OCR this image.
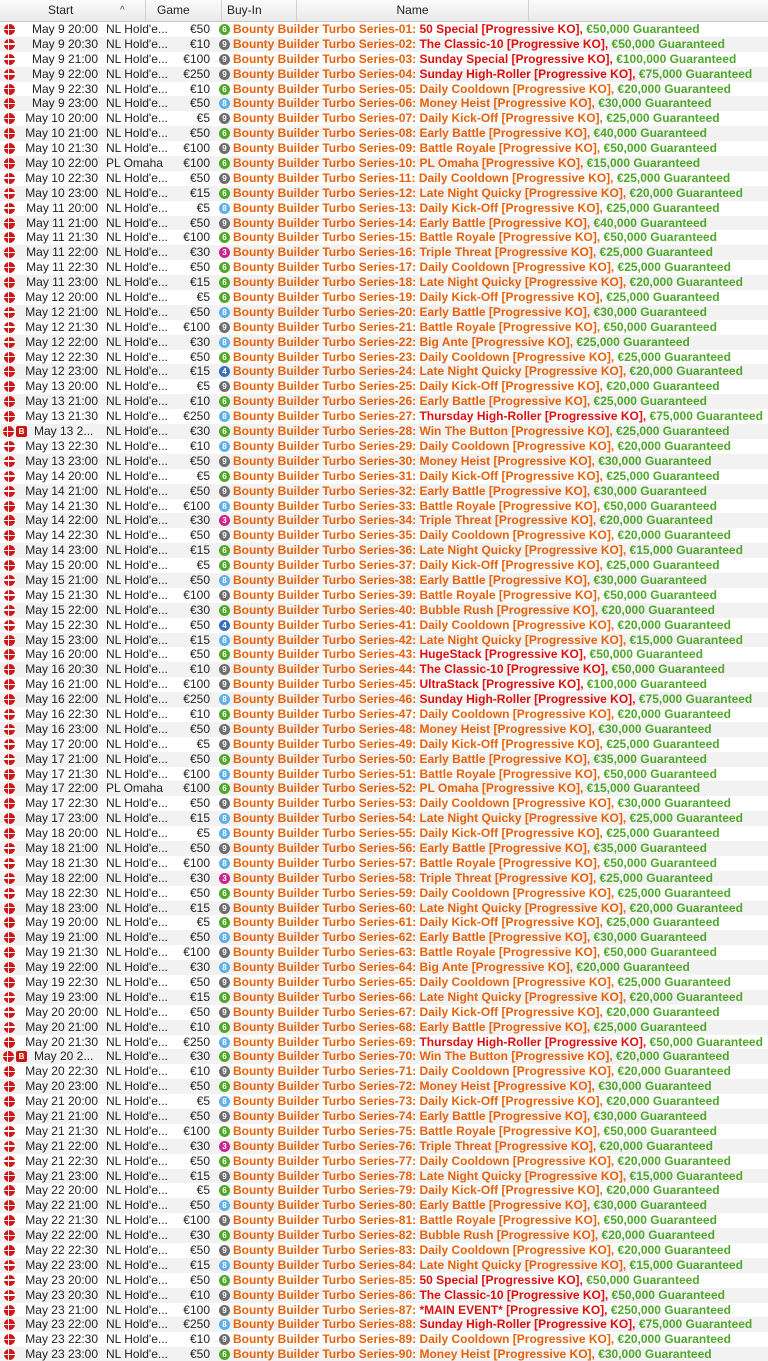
Start	^	Game	Buy-In	Name
May 9 20:00 NL Hold'e...	€50	6 Bounty Builder Turbo Series-01: 50 Special [Progressive KO], €50,000 Guaranteed
May 9 20:30 NL Hold'e...	€10	9 Bounty Builder Turbo Series-02: The Classic-10 [Progressive KO], €50,000 Guaranteed
May 9 21:00 NL Hold'e...	€100	9 Bounty Builder Turbo Series-03: Sunday Special [Progressive KO], €100,000 Guaranteed
May 9 22:00 NL Hold'e...	€250	9 Bounty Builder Turbo Series-04: Sunday High-Roller [Progressive KO], €75,000 Guaranteed
May 9 22:30 NL Hold'e...	€10	6 Bounty Builder Turbo Series-05: Daily Cooldown [Progressive KO], €20,000 Guaranteed
May 9 23:00 NL Hold'e...	€50	8 Bounty Builder Turbo Series-06: Money Heist [Progressive KO], €30,000 Guaranteed
May 10 20:00 NL Hold'e...	€5	9 Bounty Builder Turbo Series-07: Daily Kick-Off [Progressive KO], €25,000 Guaranteed
May 10 21:00 NL Hold'e...	€50	6 Bounty Builder Turbo Series-08: Early Battle [Progressive KO], €40,000 Guaranteed
May 10 21:30 NL Hold'e...	€100	9 Bounty Builder Turbo Series-09: Battle Royale [Progressive KO], €50,000 Guaranteed
May 10 22:00 PL Omaha	€100	6 Bounty Builder Turbo Series-10: PL Omaha [Progressive KO], €15,000 Guaranteed
May 10 22:30 NL Hold'e...	€50	9 Bounty Builder Turbo Series-11: Daily Cooldown [Progressive KO], €25,000 Guaranteed
May 10 23:00 NL Hold'e...	€15	6 Bounty Builder Turbo Series-12: Late Night Quicky [Progressive KO], €20,000 Guaranteed
May 11 20:00 NL Hold'e...	€5	8 Bounty Builder Turbo Series-13: Daily Kick-Off [Progressive KO], €25,000 Guaranteed
May 11 21:00 NL Hold'e...	€50	9 Bounty Builder Turbo Series-14: Early Battle [Progressive KO], €40,000 Guaranteed
May 11 21:30 NL Hold'e...	€100	6 Bounty Builder Turbo Series-15: Battle Royale [Progressive KO], €50,000 Guaranteed
May 11 22:00 NL Hold'e...	€30	3 Bounty Builder Turbo Series-16: Triple Threat [Progressive KO], €25,000 Guaranteed
May 11 22:30 NL Hold'e...	€50	6 Bounty Builder Turbo Series-17: Daily Cooldown [Progressive KO], €25,000 Guaranteed
May 11 23:00 NL Hold'e...	€15	6 Bounty Builder Turbo Series-18: Late Night Quicky [Progressive KO], €20,000 Guaranteed
May 12 20:00 NL Hold'e...	€5	6 Bounty Builder Turbo Series-19: Daily Kick-Off [Progressive KO], €25,000 Guaranteed
May 12 21:00 NL Hold'e...	€50	8 Bounty Builder Turbo Series-20: Early Battle [Progressive KO], €30,000 Guaranteed
May 12 21:30 NL Hold'e...	€100	9 Bounty Builder Turbo Series-21: Battle Royale [Progressive KO], €50,000 Guaranteed
May 12 22:00 NL Hold'e...	€30	8 Bounty Builder Turbo Series-22: Big Ante [Progressive KO], €25,000 Guaranteed
May 12 22:30 NL Hold'e...	€50	6 Bounty Builder Turbo Series-23: Daily Cooldown [Progressive KO], €25,000 Guaranteed
May 12 23:00 NL Hold'e...	€15	4 Bounty Builder Turbo Series-24: Late Night Quicky [Progressive KO], €20,000 Guaranteed
May 13 20:00 NL Hold'e...	€5	9 Bounty Builder Turbo Series-25: Daily Kick-Off [Progressive KO], €20,000 Guaranteed
May 13 21:00 NL Hold'e...	€10	6 Bounty Builder Turbo Series-26: Early Battle [Progressive KO], €25,000 Guaranteed
May 13 21:30 NL Hold'e...	€250	8 Bounty Builder Turbo Series-27: Thursday High-Roller [Progressive KO], €75,000 Guaranteed
B May 13 2...	NL Hold'e...	€30	6 Bounty Builder Turbo Series-28: Win The Button [Progressive KO], €25,000 Guaranteed
May 13 22:30 NL Hold'e...	€10	8 Bounty Builder Turbo Series-29: Daily Cooldown [Progressive KO], €20,000 Guaranteed
May 13 23:00 NL Hold'e...	€50	9 Bounty Builder Turbo Series-30: Money Heist [Progressive KO], €30,000 Guaranteed
May 14 20:00 NL Hold'e...	€5	6 Bounty Builder Turbo Series-31: Daily Kick-Off [Progressive KO], €25,000 Guaranteed
May 14 21:00 NL Hold'e...	€50	9 Bounty Builder Turbo Series-32: Early Battle [Progressive KO], €30,000 Guaranteed
May 14 21:30 NL Hold'e...	€100	8 Bounty Builder Turbo Series-33: Battle Royale [Progressive KO], €50,000 Guaranteed
May 14 22:00 NL Hold'e...	€30	3 Bounty Builder Turbo Series-34: Triple Threat [Progressive KO], €20,000 Guaranteed
May 14 22:30 NL Hold'e...	€50	9 Bounty Builder Turbo Series-35: Daily Cooldown [Progressive KO], €20,000 Guaranteed
May 14 23:00 NL Hold'e...	€15	6 Bounty Builder Turbo Series-36: Late Night Quicky [Progressive KO], €15,000 Guaranteed
May 15 20:00 NL Hold'e...	€5	6 Bounty Builder Turbo Series-37: Daily Kick-Off [Progressive KO], €25,000 Guaranteed
May 15 21:00 NL Hold'e...	€50	8 Bounty Builder Turbo Series-38: Early Battle [Progressive KO], €30,000 Guaranteed
May 15 21:30 NL Hold'e...	€100	9 Bounty Builder Turbo Series-39: Battle Royale [Progressive KO], €50,000 Guaranteed
May 15 22:00 NL Hold'e...	€30	6 Bounty Builder Turbo Series-40: Bubble Rush [Progressive KO], €20,000 Guaranteed
May 15 22:30 NL Hold'e...	€50	4 Bounty Builder Turbo Series-41: Daily Cooldown [Progressive KO], €20,000 Guaranteed
May 15 23:00 NL Hold'e...	€15	8 Bounty Builder Turbo Series-42: Late Night Quicky [Progressive KO], €15,000 Guaranteed
May 16 20:00 NL Hold'e...	€50	6 Bounty Builder Turbo Series-43: HugeStack [Progressive KO], €50,000 Guaranteed
May 16 20:30 NL Hold'e...	€10	9 Bounty Builder Turbo Series-44: The Classic-10 [Progressive KO], €50,000 Guaranteed
May 16 21:00 NL Hold'e...	€100	9 Bounty Builder Turbo Series-45: UltraStack [Progressive KO], €100,000 Guaranteed
May 16 22:00 NL Hold'e...	€250	8 Bounty Builder Turbo Series-46: Sunday High-Roller [Progressive KO], €75,000 Guaranteed
May 16 22:30 NL Hold'e...	€10	6 Bounty Builder Turbo Series-47: Daily Cooldown [Progressive KO], €20,000 Guaranteed
May 16 23:00 NL Hold'e...	€50	9 Bounty Builder Turbo Series-48: Money Heist [Progressive KO], €30,000 Guaranteed
May 17 20:00 NL Hold'e...	€5	9 Bounty Builder Turbo Series-49: Daily Kick-Off [Progressive KO], €25,000 Guaranteed
May 17 21:00 NL Hold'e...	€50	6 Bounty Builder Turbo Series-50: Early Battle [Progressive KO], €35,000 Guaranteed
May 17 21:30 NL Hold'e...	€100	8 Bounty Builder Turbo Series-51: Battle Royale [Progressive KO], €50,000 Guaranteed
May 17 22:00 PL Omaha	€100	6 Bounty Builder Turbo Series-52: PL Omaha [Progressive KO], €15,000 Guaranteed
May 17 22:30 NL Hold'e...	€50	9 Bounty Builder Turbo Series-53: Daily Cooldown [Progressive KO], €30,000 Guaranteed
May 17 23:00 NL Hold'e...	€15	8 Bounty Builder Turbo Series-54: Late Night Quicky [Progressive KO], €25,000 Guaranteed
May 18 20:00 NL Hold'e...	€5	8 Bounty Builder Turbo Series-55: Daily Kick-Off [Progressive KO], €25,000 Guaranteed
May 18 21:00 NL Hold'e...	€50	9 Bounty Builder Turbo Series-56: Early Battle [Progressive KO], €35,000 Guaranteed
May 18 21:30 NL Hold'e...	€100	8 Bounty Builder Turbo Series-57: Battle Royale [Progressive KO], €50,000 Guaranteed
May 18 22:00 NL Hold'e...	€30	3 Bounty Builder Turbo Series-58: Triple Threat [Progressive KO], €25,000 Guaranteed
May 18 22:30 NL Hold'e...	€50	6 Bounty Builder Turbo Series-59: Daily Cooldown [Progressive KO], €25,000 Guaranteed
May 18 23:00 NL Hold'e...	€15	9 Bounty Builder Turbo Series-60: Late Night Quicky [Progressive KO], €20,000 Guaranteed
May 19 20:00 NL Hold'e...	€5	6 Bounty Builder Turbo Series-61: Daily Kick-Off [Progressive KO], €25,000 Guaranteed
May 19 21:00 NL Hold'e...	€50	8 Bounty Builder Turbo Series-62: Early Battle [Progressive KO], €30,000 Guaranteed
May 19 21:30 NL Hold'e...	€100	9 Bounty Builder Turbo Series-63: Battle Royale [Progressive KO], €50,000 Guaranteed
May 19 22:00 NL Hold'e...	€30	8 Bounty Builder Turbo Series-64: Big Ante [Progressive KO], €20,000 Guaranteed
May 19 22:30 NL Hold'e...	€50	9 Bounty Builder Turbo Series-65: Daily Cooldown [Progressive KO], €25,000 Guaranteed
May 19 23:00 NL Hold'e...	€15	6 Bounty Builder Turbo Series-66: Late Night Quicky [Progressive KO], €20,000 Guaranteed
May 20 20:00 NL Hold'e...	€50	9 Bounty Builder Turbo Series-67: Daily Kick-Off [Progressive KO], €20,000 Guaranteed
May 20 21:00 NL Hold'e...	€10	6 Bounty Builder Turbo Series-68: Early Battle [Progressive KO], €25,000 Guaranteed
May 20 21:30 NL Hold'e...	€250	8 Bounty Builder Turbo Series-69: Thursday High-Roller [Progressive KO], €50,000 Guaranteed
B May 20 2...	NL Hold'e...	€30	6 Bounty Builder Turbo Series-70: Win The Button [Progressive KO], €20,000 Guaranteed
May 20 22:30 NL Hold'e...	€10	9 Bounty Builder Turbo Series-71: Daily Cooldown [Progressive KO], €20,000 Guaranteed
May 20 23:00 NL Hold'e...	€50	6 Bounty Builder Turbo Series-72: Money Heist [Progressive KO], €30,000 Guaranteed
May 21 20:00 NL Hold'e...	€5	8 Bounty Builder Turbo Series-73: Daily Kick-Off [Progressive KO], €20,000 Guaranteed
May 21 21:00 NL Hold'e...	€50	9 Bounty Builder Turbo Series-74: Early Battle [Progressive KO], €30,000 Guaranteed
May 21 21:30 NL Hold'e...	€100	6 Bounty Builder Turbo Series-75: Battle Royale [Progressive KO], €50,000 Guaranteed
May 21 22:00 NL Hold'e...	€30	3 Bounty Builder Turbo Series-76: Triple Threat [Progressive KO], €20,000 Guaranteed
May 21 22:30 NL Hold'e...	€50	6 Bounty Builder Turbo Series-77: Daily Cooldown [Progressive KO], €20,000 Guaranteed
May 21 23:00 NL Hold'e...	€15	9 Bounty Builder Turbo Series-78: Late Night Quicky [Progressive KO], €15,000 Guaranteed
May 22 20:00 NL Hold'e...	€5	6 Bounty Builder Turbo Series-79: Daily Kick-Off [Progressive KO], €20,000 Guaranteed
May 22 21:00 NL Hold'e...	€50	8 Bounty Builder Turbo Series-80: Early Battle [Progressive KO], €30,000 Guaranteed
May 22 21:30 NL Hold'e...	€100	9 Bounty Builder Turbo Series-81: Battle Royale [Progressive KO], €50,000 Guaranteed
May 22 22:00 NL Hold'e...	€30	6 Bounty Builder Turbo Series-82: Bubble Rush [Progressive KO], €20,000 Guaranteed
May 22 22:30 NL Hold'e...	€50	9 Bounty Builder Turbo Series-83: Daily Cooldown [Progressive KO], €20,000 Guaranteed
May 22 23:00 NL Hold'e...	€15	8 Bounty Builder Turbo Series-84: Late Night Quicky [Progressive KO], €15,000 Guaranteed
May 23 20:00 NL Hold'e...	€50	6 Bounty Builder Turbo Series-85: 50 Special [Progressive KO], €50,000 Guaranteed
May 23 20:30 NL Hold'e...	€10	9 Bounty Builder Turbo Series-86: The Classic-10 [Progressive KO], €50,000 Guaranteed
May 23 21:00 NL Hold'e...	€100	9 Bounty Builder Turbo Series-87: *MAIN EVENT* [Progressive KO], €250,000 Guaranteed
May 23 22:00 NL Hold'e...	€250	8 Bounty Builder Turbo Series-88: Sunday High-Roller [Progressive KO], €75,000 Guaranteed
May 23 22:30 NL Hold'e...	€10	9 Bounty Builder Turbo Series-89: Daily Cooldown [Progressive KO], €20,000 Guaranteed
May 23 23:00 NL Hold'e...	€50	6 Bounty Builder Turbo Series-90: Money Heist [Progressive KO], €30,000 Guaranteed
